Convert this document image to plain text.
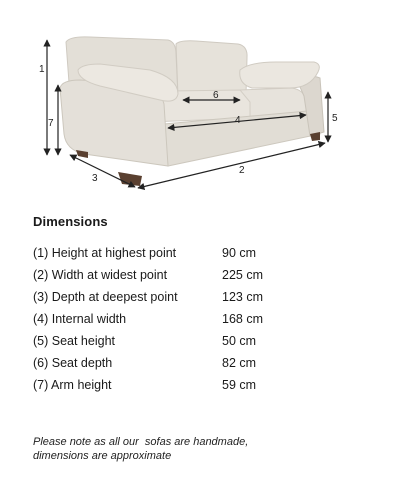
1
7
3
2
4
6
5
Dimensions
(1) Height at highest point	90 cm
(2) Width at widest point	225 cm
(3) Depth at deepest point	123 cm
(4) Internal width	168 cm
(5) Seat height	50 cm
(6) Seat depth	82 cm
(7) Arm height	59 cm

Please note as all our  sofas are handmade,
dimensions are approximate
